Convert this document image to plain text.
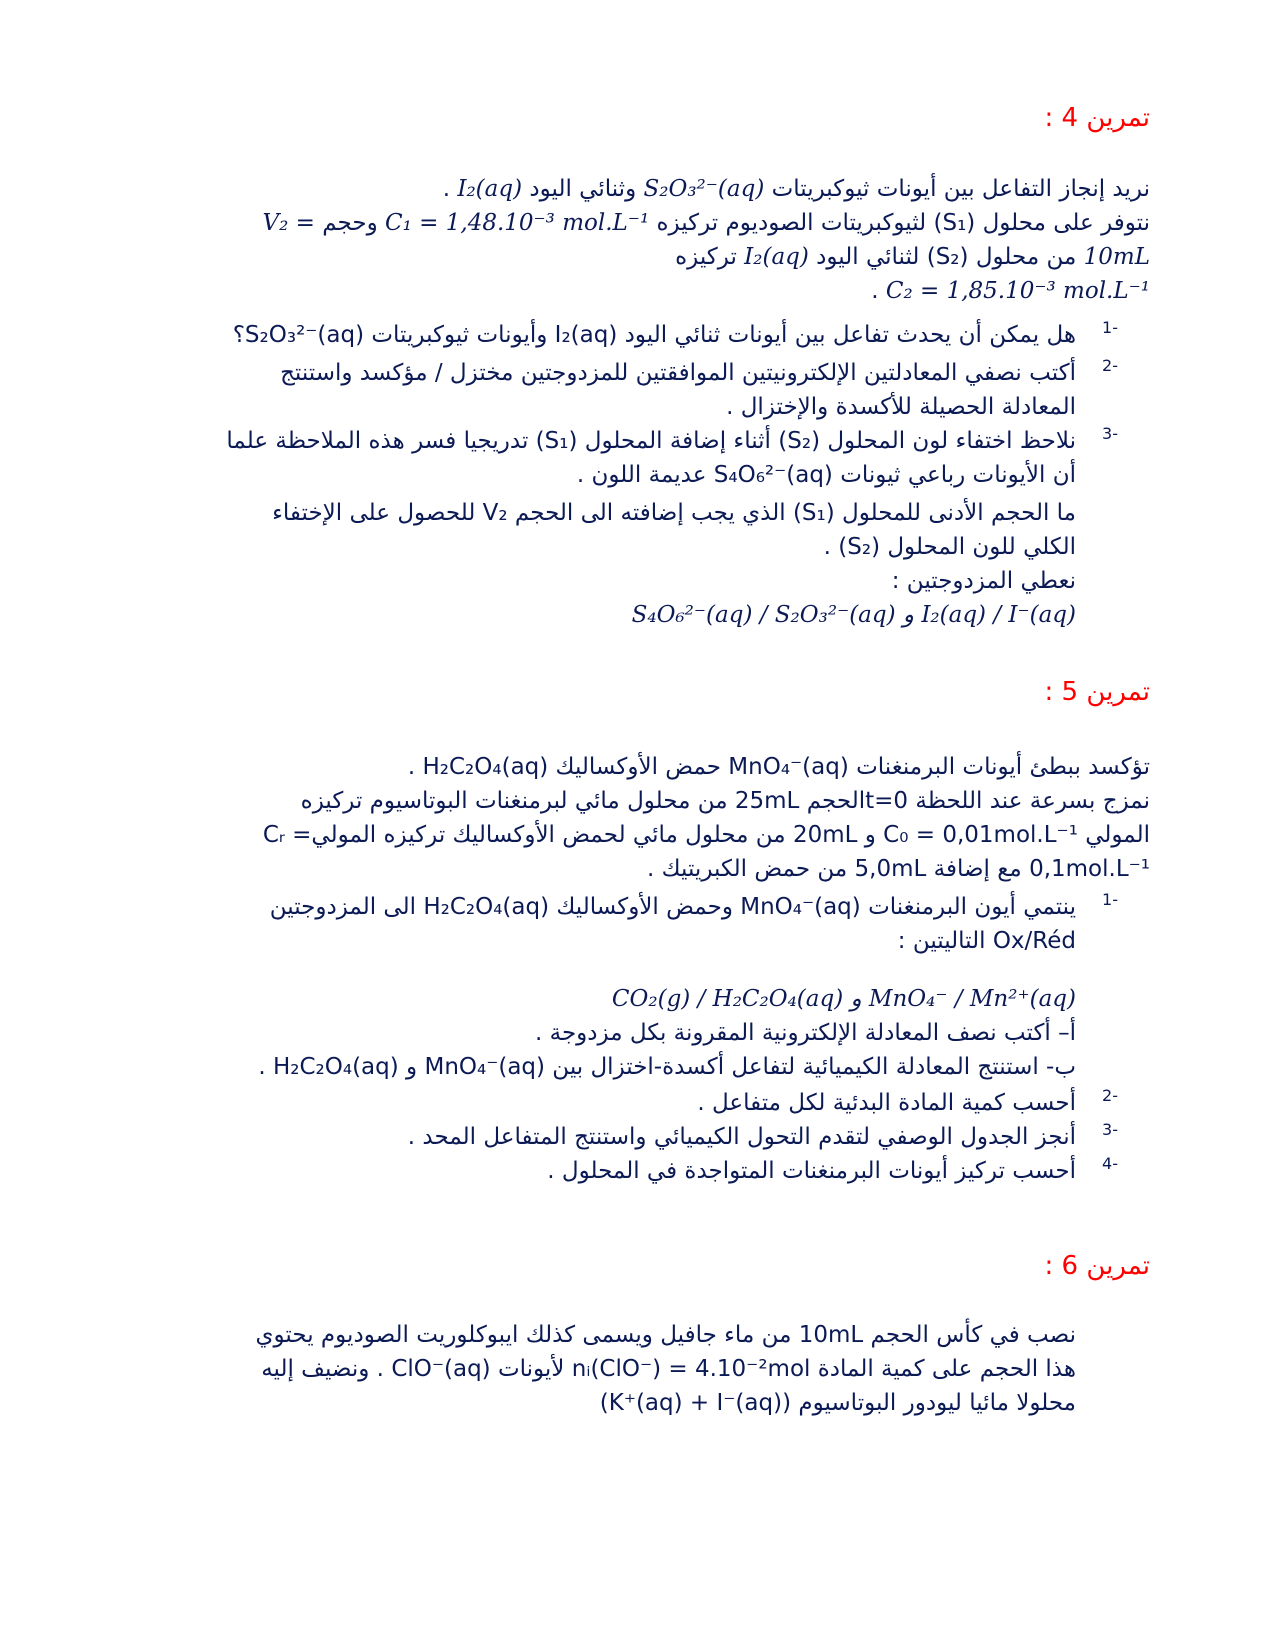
تمرين 4 :

نريد إنجاز التفاعل بين أيونات ثيوكبريتات S₂O₃²⁻(aq) وثنائي اليود I₂(aq) .

نتوفر على محلول (S₁) لثيوكبريتات الصوديوم تركيزه C₁ = 1,48.10⁻³ mol.L⁻¹ وحجم V₂ =

10mL من محلول (S₂) لثنائي اليود I₂(aq) تركيزه

C₂ = 1,85.10⁻³ mol.L⁻¹ .

-1

هل يمكن أن يحدث تفاعل بين أيونات ثنائي اليود I₂(aq) وأيونات ثيوكبريتات S₂O₃²⁻(aq)؟

-2

أكتب نصفي المعادلتين الإلكترونيتين الموافقتين للمزدوجتين مختزل / مؤكسد واستنتج

المعادلة الحصيلة للأكسدة والإختزال .

-3

نلاحظ اختفاء لون المحلول (S₂) أثناء إضافة المحلول (S₁) تدريجيا فسر هذه الملاحظة علما

أن الأيونات رباعي ثيونات S₄O₆²⁻(aq) عديمة اللون .

ما الحجم الأدنى للمحلول (S₁) الذي يجب إضافته الى الحجم V₂ للحصول على الإختفاء

الكلي للون المحلول (S₂) .

نعطي المزدوجتين :

S₄O₆²⁻(aq) / S₂O₃²⁻(aq) و I₂(aq) / I⁻(aq)

تمرين 5 :

تؤكسد ببطئ أيونات البرمنغنات MnO₄⁻(aq) حمض الأوكساليك H₂C₂O₄(aq) .

نمزج بسرعة عند اللحظة t=0الحجم 25mL من محلول مائي لبرمنغنات البوتاسيوم تركيزه

المولي C₀ = 0,01mol.L⁻¹ و 20mL من محلول مائي لحمض الأوكساليك تركيزه المولي= Cᵣ

0,1mol.L⁻¹ مع إضافة 5,0mL من حمض الكبريتيك .

-1

ينتمي أيون البرمنغنات MnO₄⁻(aq) وحمض الأوكساليك H₂C₂O₄(aq) الى المزدوجتين

Ox/Réd التاليتين :

CO₂(g) / H₂C₂O₄(aq) و MnO₄⁻ / Mn²⁺(aq)

أ– أكتب نصف المعادلة الإلكترونية المقرونة بكل مزدوجة .

ب- استنتج المعادلة الكيميائية لتفاعل أكسدة-اختزال بين MnO₄⁻(aq) و H₂C₂O₄(aq) .

-2

أحسب كمية المادة البدئية لكل متفاعل .

-3

أنجز الجدول الوصفي لتقدم التحول الكيميائي واستنتج المتفاعل المحد .

-4

أحسب تركيز أيونات البرمنغنات المتواجدة في المحلول .

تمرين 6 :

نصب في كأس الحجم 10mL من ماء جافيل ويسمى كذلك ايبوكلوريت الصوديوم يحتوي

هذا الحجم على كمية المادة nᵢ(ClO⁻) = 4.10⁻²mol لأيونات ClO⁻(aq) . ونضيف إليه

محلولا مائيا ليودور البوتاسيوم (K⁺(aq) + I⁻(aq))
